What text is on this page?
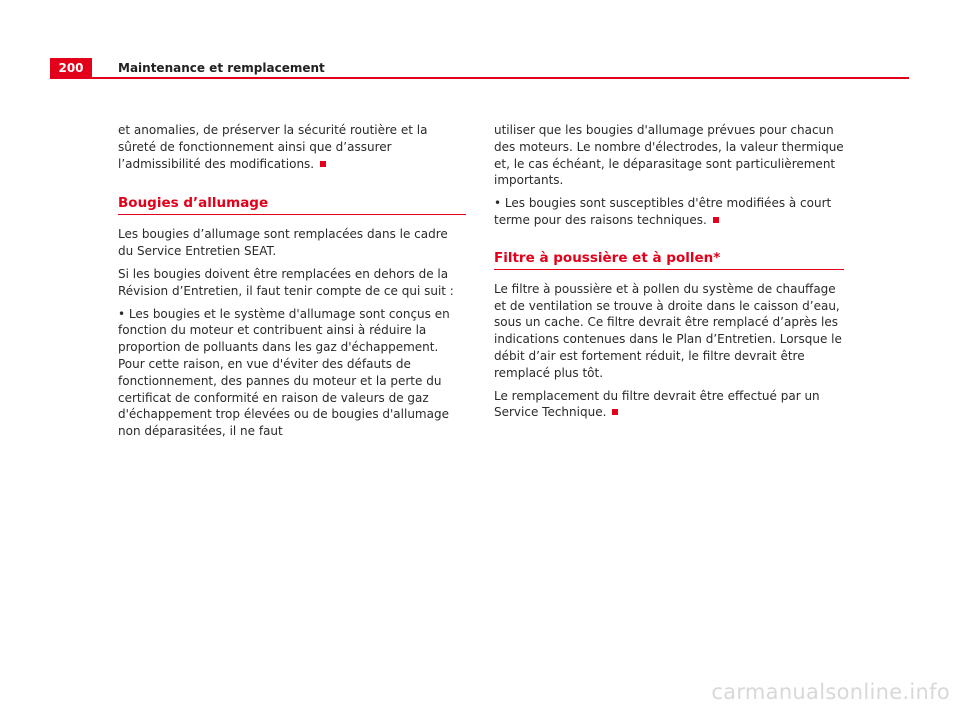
200	Maintenance et remplacement

et anomalies, de préserver la sécurité routière et la sûreté de fonctionnement ainsi que d’assurer l’admissibilité des modifications.

Bougies d’allumage

Les bougies d’allumage sont remplacées dans le cadre du Service Entretien SEAT.

Si les bougies doivent être remplacées en dehors de la Révision d’Entretien, il faut tenir compte de ce qui suit :

• Les bougies et le système d'allumage sont conçus en fonction du moteur et contribuent ainsi à réduire la proportion de polluants dans les gaz d'échappement. Pour cette raison, en vue d'éviter des défauts de fonctionnement, des pannes du moteur et la perte du certificat de conformité en raison de valeurs de gaz d'échappement trop élevées ou de bougies d'allumage non déparasitées, il ne faut

utiliser que les bougies d'allumage prévues pour chacun des moteurs. Le nombre d'électrodes, la valeur thermique et, le cas échéant, le déparasitage sont particulièrement importants.

• Les bougies sont susceptibles d'être modifiées à court terme pour des raisons techniques.

Filtre à poussière et à pollen*

Le filtre à poussière et à pollen du système de chauffage et de ventilation se trouve à droite dans le caisson d’eau, sous un cache. Ce filtre devrait être remplacé d’après les indications contenues dans le Plan d’Entretien. Lorsque le débit d’air est fortement réduit, le filtre devrait être remplacé plus tôt.

Le remplacement du filtre devrait être effectué par un Service Technique.

carmanualsonline.info
